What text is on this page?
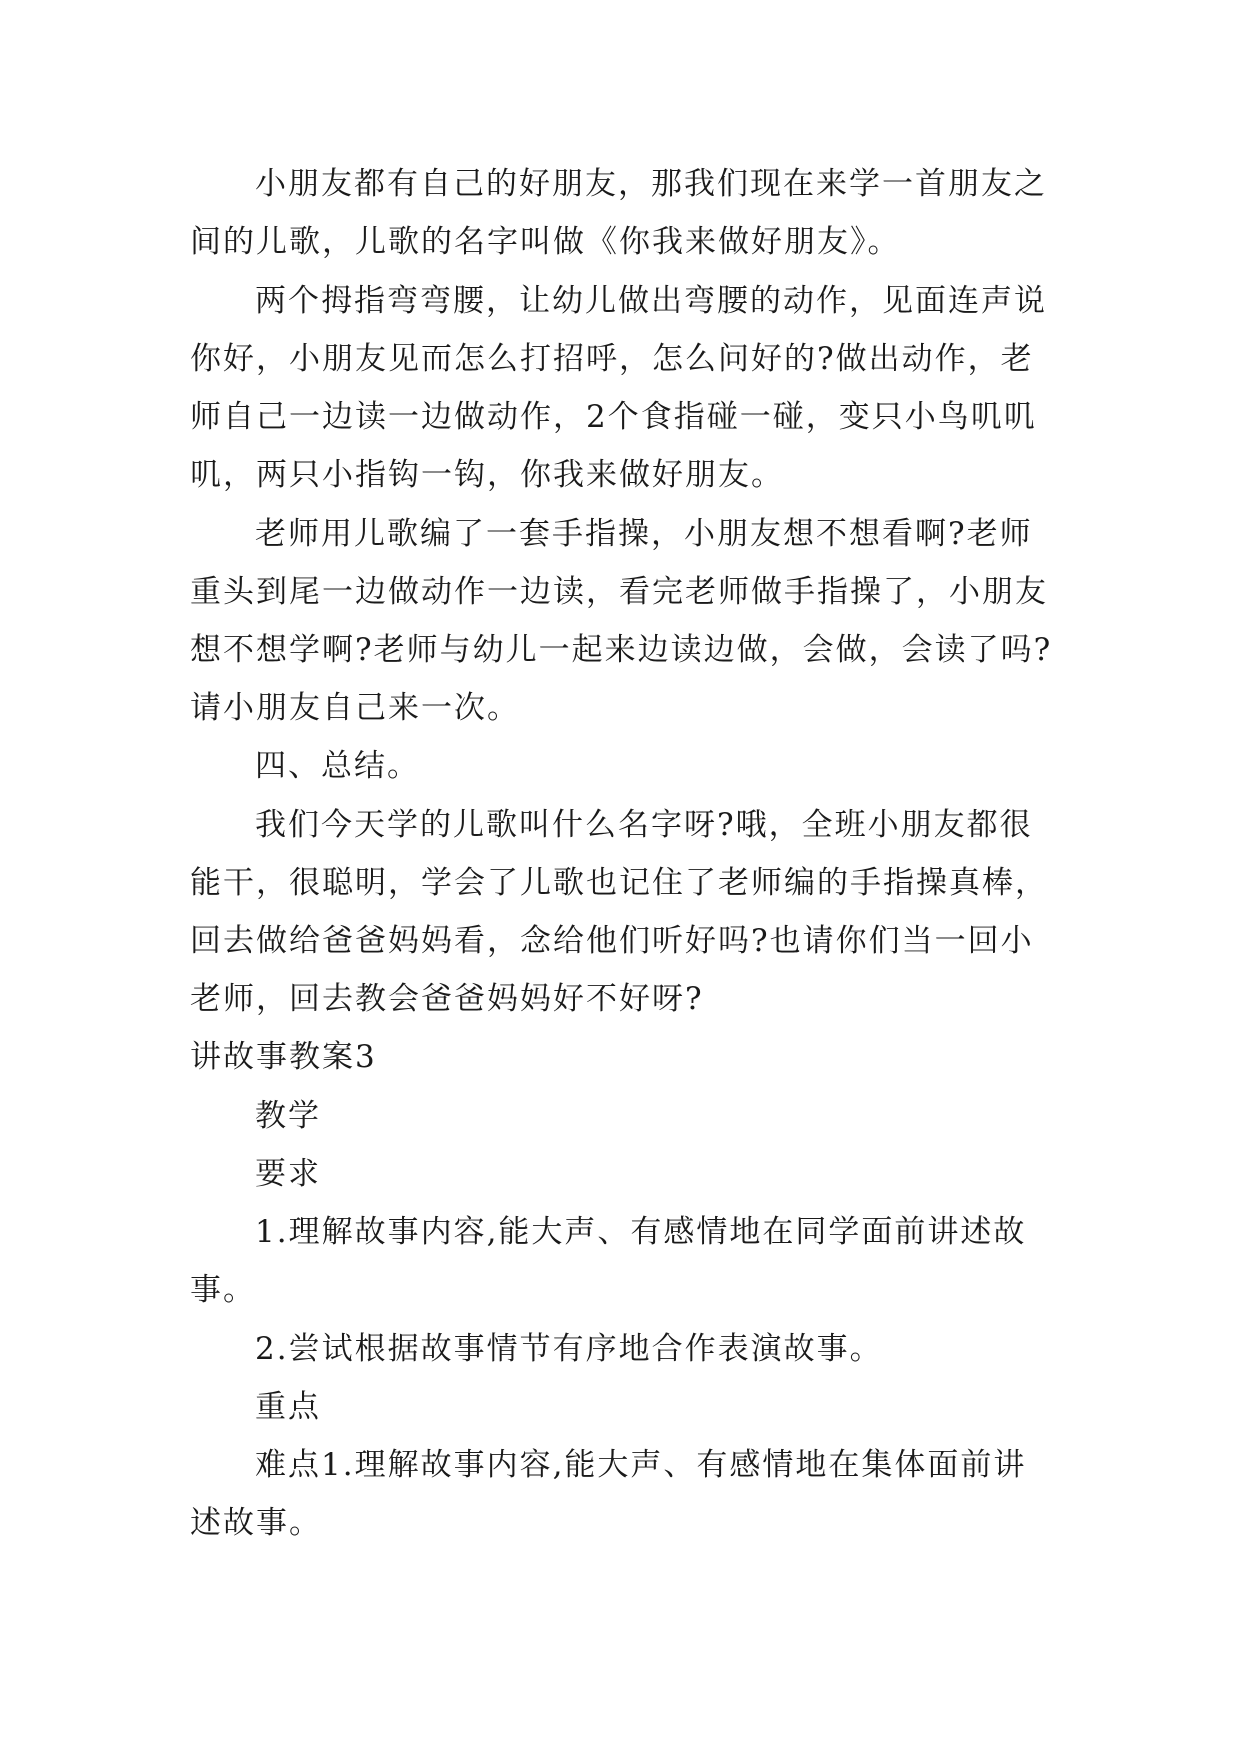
小朋友都有自己的好朋友，那我们现在来学一首朋友之
间的儿歌，儿歌的名字叫做《你我来做好朋友》。
两个拇指弯弯腰，让幼儿做出弯腰的动作，见面连声说
你好，小朋友见而怎么打招呼，怎么问好的?做出动作，老
师自己一边读一边做动作，2个食指碰一碰，变只小鸟叽叽
叽，两只小指钩一钩，你我来做好朋友。
老师用儿歌编了一套手指操，小朋友想不想看啊?老师
重头到尾一边做动作一边读，看完老师做手指操了，小朋友
想不想学啊?老师与幼儿一起来边读边做，会做，会读了吗?
请小朋友自己来一次。
四、总结。
我们今天学的儿歌叫什么名字呀?哦，全班小朋友都很
能干，很聪明，学会了儿歌也记住了老师编的手指操真棒，
回去做给爸爸妈妈看，念给他们听好吗?也请你们当一回小
老师，回去教会爸爸妈妈好不好呀?
讲故事教案3
教学
要求
1.理解故事内容,能大声、有感情地在同学面前讲述故
事。
2.尝试根据故事情节有序地合作表演故事。
重点
难点1.理解故事内容,能大声、有感情地在集体面前讲
述故事。
